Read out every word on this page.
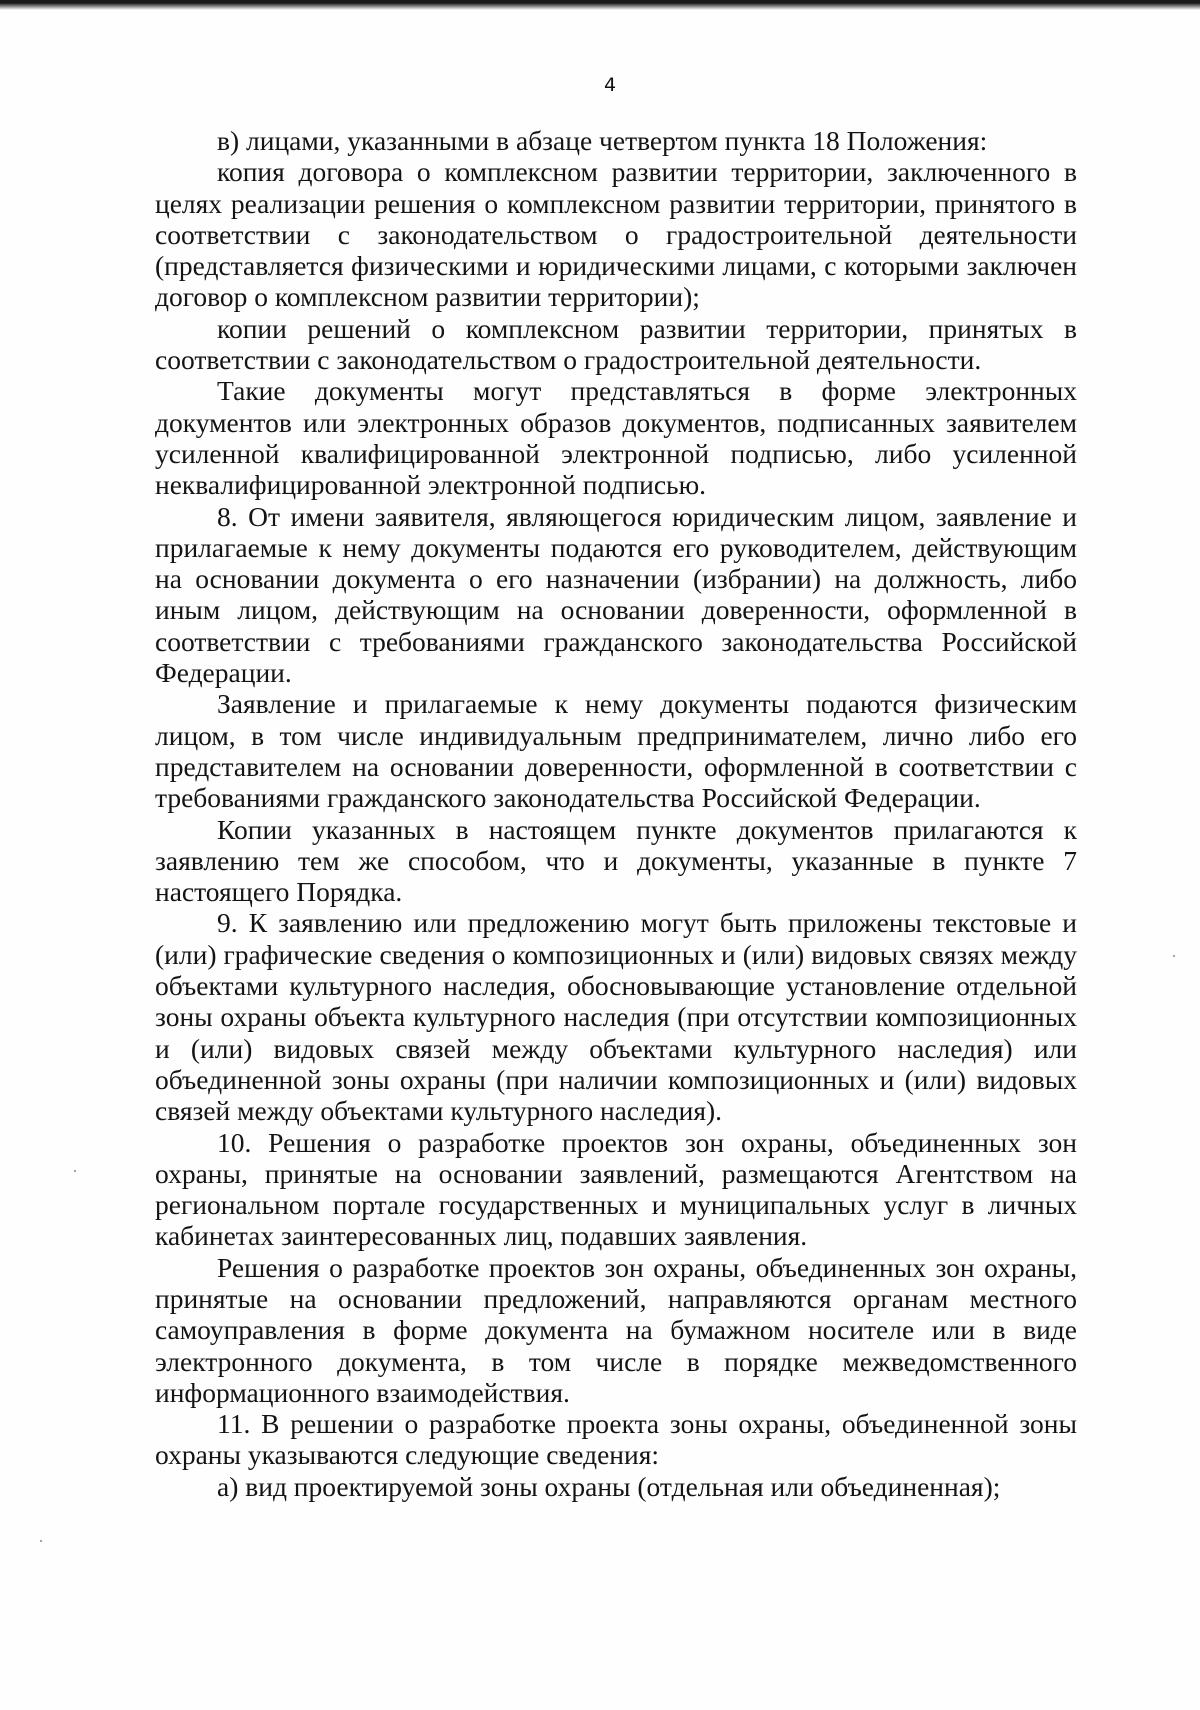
4

в) лицами, указанными в абзаце четвертом пункта 18 Положения:

копия договора о комплексном развитии территории, заключенного в целях реализации решения о комплексном развитии территории, принятого в соответствии с законодательством о градостроительной деятельности (представляется физическими и юридическими лицами, с которыми заключен договор о комплексном развитии территории);

копии решений о комплексном развитии территории, принятых в соответствии с законодательством о градостроительной деятельности.

Такие документы могут представляться в форме электронных документов или электронных образов документов, подписанных заявителем усиленной квалифицированной электронной подписью, либо усиленной неквалифицированной электронной подписью.

8. От имени заявителя, являющегося юридическим лицом, заявление и прилагаемые к нему документы подаются его руководителем, действующим на основании документа о его назначении (избрании) на должность, либо иным лицом, действующим на основании доверенности, оформленной в соответствии с требованиями гражданского законодательства Российской Федерации.

Заявление и прилагаемые к нему документы подаются физическим лицом, в том числе индивидуальным предпринимателем, лично либо его представителем на основании доверенности, оформленной в соответствии с требованиями гражданского законодательства Российской Федерации.

Копии указанных в настоящем пункте документов прилагаются к заявлению тем же способом, что и документы, указанные в пункте 7 настоящего Порядка.

9. К заявлению или предложению могут быть приложены текстовые и (или) графические сведения о композиционных и (или) видовых связях между объектами культурного наследия, обосновывающие установление отдельной зоны охраны объекта культурного наследия (при отсутствии композиционных и (или) видовых связей между объектами культурного наследия) или объединенной зоны охраны (при наличии композиционных и (или) видовых связей между объектами культурного наследия).

10. Решения о разработке проектов зон охраны, объединенных зон охраны, принятые на основании заявлений, размещаются Агентством на региональном портале государственных и муниципальных услуг в личных кабинетах заинтересованных лиц, подавших заявления.

Решения о разработке проектов зон охраны, объединенных зон охраны, принятые на основании предложений, направляются органам местного самоуправления в форме документа на бумажном носителе или в виде электронного документа, в том числе в порядке межведомственного информационного взаимодействия.

11. В решении о разработке проекта зоны охраны, объединенной зоны охраны указываются следующие сведения:

а) вид проектируемой зоны охраны (отдельная или объединенная);
